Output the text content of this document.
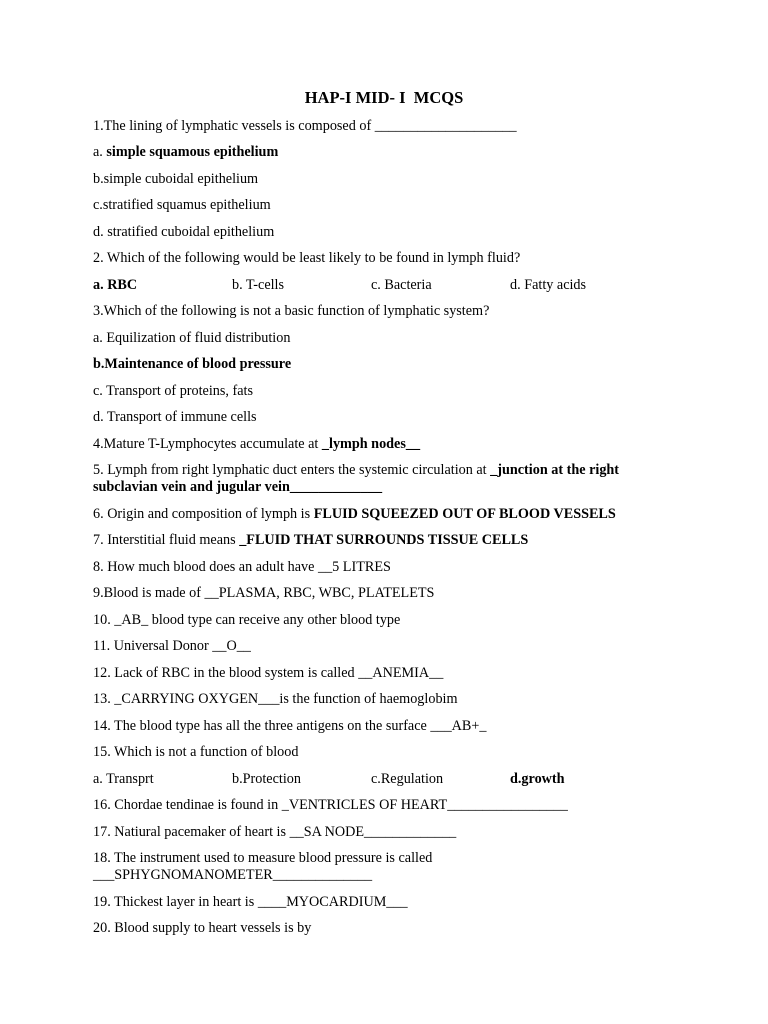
HAP-I MID- I  MCQS
1.The lining of lymphatic vessels is composed of ____________________
a. simple squamous epithelium
b.simple cuboidal epithelium
c.stratified squamus epithelium
d. stratified cuboidal epithelium
2. Which of the following would be least likely to be found in lymph fluid?
a. RBC	b. T-cells	c. Bacteria	d. Fatty acids
3.Which of the following is not a basic function of lymphatic system?
a. Equilization of fluid distribution
b.Maintenance of blood pressure
c. Transport of proteins, fats
d. Transport of immune cells
4.Mature T-Lymphocytes accumulate at _lymph nodes__
5. Lymph from right lymphatic duct enters the systemic circulation at _junction at the right subclavian vein and jugular vein_____________
6. Origin and composition of lymph is FLUID SQUEEZED OUT OF BLOOD VESSELS
7. Interstitial fluid means _FLUID THAT SURROUNDS TISSUE CELLS
8. How much blood does an adult have __5 LITRES
9.Blood is made of __PLASMA, RBC, WBC, PLATELETS
10. _AB_ blood type can receive any other blood type
11. Universal Donor __O__
12. Lack of RBC in the blood system is called __ANEMIA__
13. _CARRYING OXYGEN___is the function of haemoglobim
14. The blood type has all the three antigens on the surface ___AB+_
15. Which is not a function of blood
a. Transprt	b.Protection	c.Regulation	d.growth
16. Chordae tendinae is found in _VENTRICLES OF HEART_________________
17. Natiural pacemaker of heart is __SA NODE_____________
18. The instrument used to measure blood pressure is called
___SPHYGNOMANOMETER______________
19. Thickest layer in heart is ____MYOCARDIUM___
20. Blood supply to heart vessels is by
